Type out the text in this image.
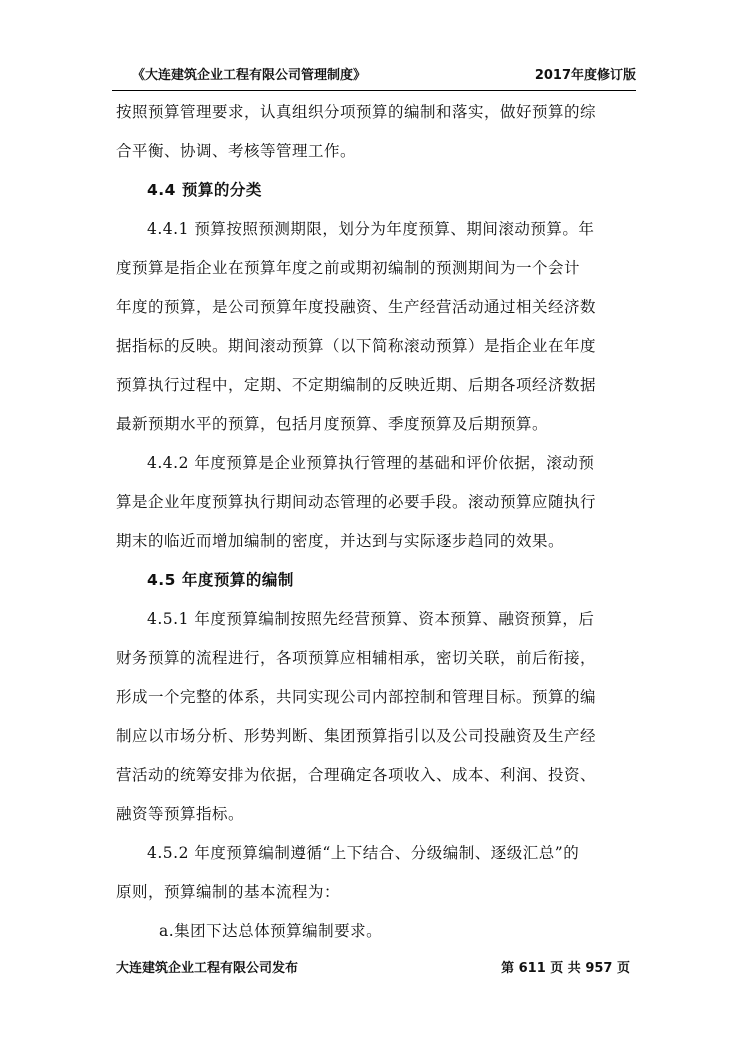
《大连建筑企业工程有限公司管理制度》	2017年度修订版
按照预算管理要求，认真组织分项预算的编制和落实，做好预算的综
合平衡、协调、考核等管理工作。
4.4 预算的分类
4.4.1 预算按照预测期限，划分为年度预算、期间滚动预算。年
度预算是指企业在预算年度之前或期初编制的预测期间为一个会计
年度的预算，是公司预算年度投融资、生产经营活动通过相关经济数
据指标的反映。期间滚动预算（以下简称滚动预算）是指企业在年度
预算执行过程中，定期、不定期编制的反映近期、后期各项经济数据
最新预期水平的预算，包括月度预算、季度预算及后期预算。
4.4.2 年度预算是企业预算执行管理的基础和评价依据，滚动预
算是企业年度预算执行期间动态管理的必要手段。滚动预算应随执行
期末的临近而增加编制的密度，并达到与实际逐步趋同的效果。
4.5 年度预算的编制
4.5.1 年度预算编制按照先经营预算、资本预算、融资预算，后
财务预算的流程进行，各项预算应相辅相承，密切关联，前后衔接，
形成一个完整的体系，共同实现公司内部控制和管理目标。预算的编
制应以市场分析、形势判断、集团预算指引以及公司投融资及生产经
营活动的统筹安排为依据，合理确定各项收入、成本、利润、投资、
融资等预算指标。
4.5.2 年度预算编制遵循“上下结合、分级编制、逐级汇总”的
原则，预算编制的基本流程为：
a.集团下达总体预算编制要求。
大连建筑企业工程有限公司发布	第 611 页 共 957 页
